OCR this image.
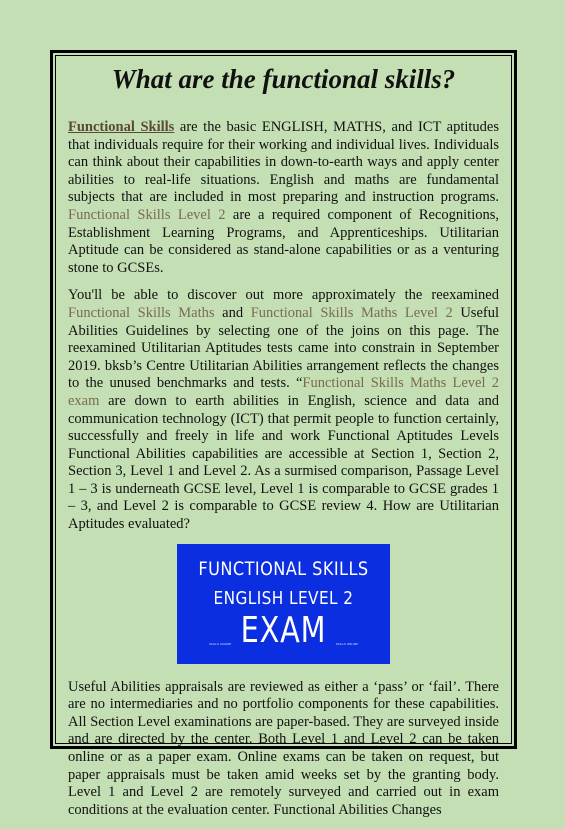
What are the functional skills?

Functional Skills are the basic ENGLISH, MATHS, and ICT aptitudes that individuals require for their working and individual lives. Individuals can think about their capabilities in down-to-earth ways and apply center abilities to real-life situations. English and maths are fundamental subjects that are included in most preparing and instruction programs. Functional Skills Level 2 are a required component of Recognitions, Establishment Learning Programs, and Apprenticeships. Utilitarian Aptitude can be considered as stand-alone capabilities or as a venturing stone to GCSEs.

You'll be able to discover out more approximately the reexamined Functional Skills Maths and Functional Skills Maths Level 2 Useful Abilities Guidelines by selecting one of the joins on this page. The reexamined Utilitarian Aptitudes tests came into constrain in September 2019. bksb’s Centre Utilitarian Abilities arrangement reflects the changes to the unused benchmarks and tests. “Functional Skills Maths Level 2 exam are down to earth abilities in English, science and data and communication technology (ICT) that permit people to function certainly, successfully and freely in life and work Functional Aptitudes Levels Functional Abilities capabilities are accessible at Section 1, Section 2, Section 3, Level 1 and Level 2. As a surmised comparison, Passage Level 1 – 3 is underneath GCSE level, Level 1 is comparable to GCSE grades 1 – 3, and Level 2 is comparable to GCSE review 4. How are Utilitarian Aptitudes evaluated?

FUNCTIONAL SKILLS
ENGLISH LEVEL 2
EXAM
SKILLS ONLINE	SKILLS ONLINE

Useful Abilities appraisals are reviewed as either a ‘pass’ or ‘fail’. There are no intermediaries and no portfolio components for these capabilities. All Section Level examinations are paper-based. They are surveyed inside and are directed by the center. Both Level 1 and Level 2 can be taken online or as a paper exam. Online exams can be taken on request, but paper appraisals must be taken amid weeks set by the granting body. Level 1 and Level 2 are remotely surveyed and carried out in exam conditions at the evaluation center. Functional Abilities Changes
